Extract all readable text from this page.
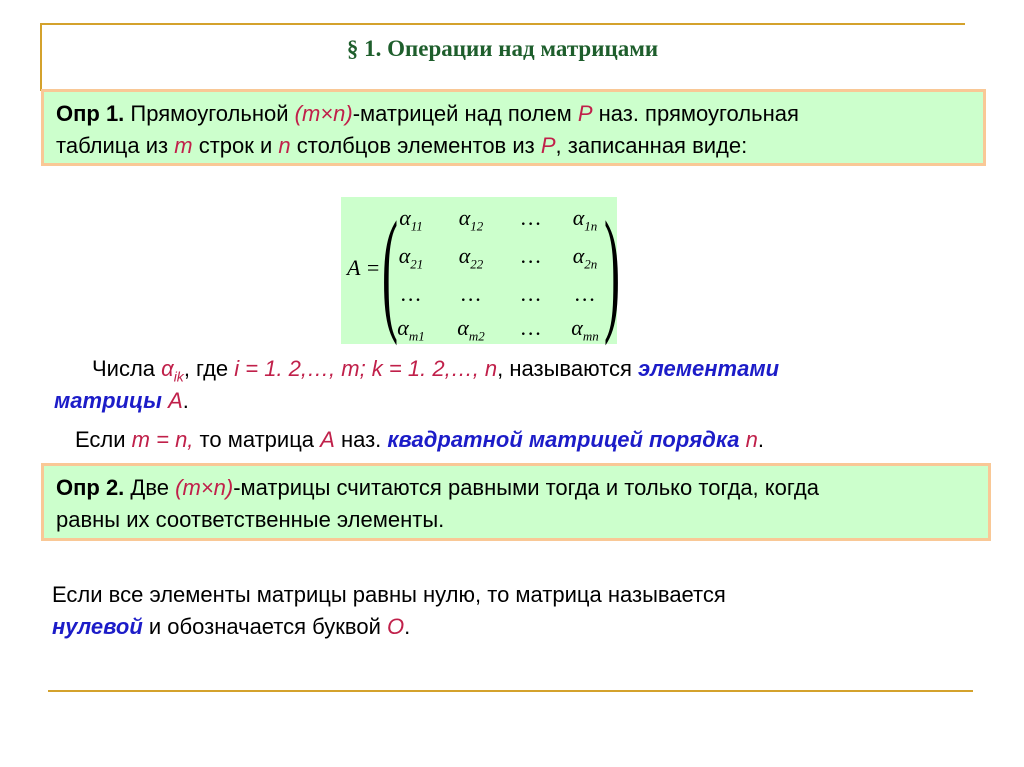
§ 1. Операции над матрицами
Опр 1. Прямоугольной (m×n)-матрицей над полем P наз. прямоугольная
таблица из m строк и n столбцов элементов из P, записанная виде:
A = ( )
$\alpha_{11}$	$\alpha_{12}$	…	$\alpha_{1n}$
$\alpha_{21}$	$\alpha_{22}$	…	$\alpha_{2n}$
…	…	…	…
$\alpha_{m1}$	$\alpha_{m2}$	…	$\alpha_{mn}$
Числа $\alpha_{ik}$, где i = 1. 2,…, m; k = 1. 2,…, n, называются элементами
матрицы A.
Если m = n, то матрица A наз. квадратной матрицей порядка n.
Опр 2. Две (m×n)-матрицы считаются равными тогда и только тогда, когда
равны их соответственные элементы.
Если все элементы матрицы равны нулю, то матрица называется
нулевой и обозначается буквой O.
